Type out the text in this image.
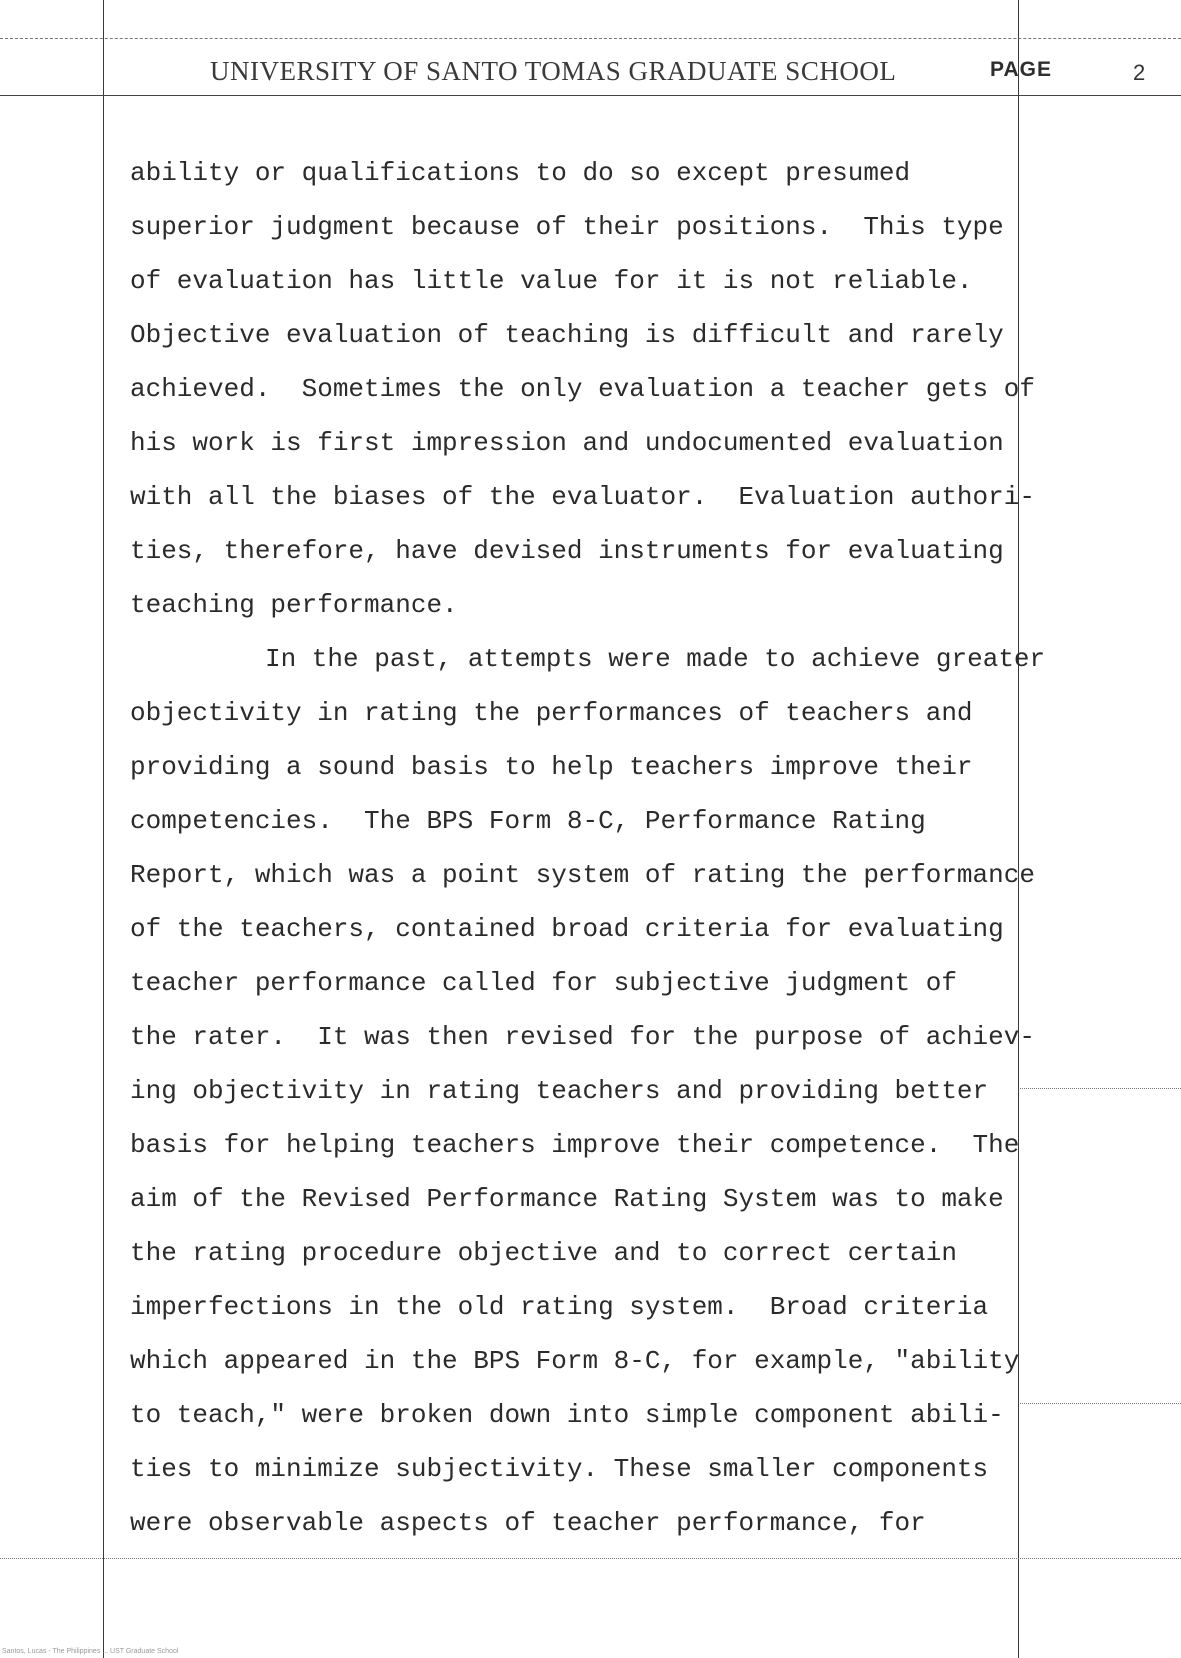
UNIVERSITY OF SANTO TOMAS GRADUATE SCHOOL	PAGE	2
ability or qualifications to do so except presumed
superior judgment because of their positions.  This type
of evaluation has little value for it is not reliable.
Objective evaluation of teaching is difficult and rarely
achieved.  Sometimes the only evaluation a teacher gets of
his work is first impression and undocumented evaluation
with all the biases of the evaluator.  Evaluation authori-
ties, therefore, have devised instruments for evaluating
teaching performance.
In the past, attempts were made to achieve greater
objectivity in rating the performances of teachers and
providing a sound basis to help teachers improve their
competencies.  The BPS Form 8-C, Performance Rating
Report, which was a point system of rating the performance
of the teachers, contained broad criteria for evaluating
teacher performance called for subjective judgment of
the rater.  It was then revised for the purpose of achiev-
ing objectivity in rating teachers and providing better
basis for helping teachers improve their competence.  The
aim of the Revised Performance Rating System was to make
the rating procedure objective and to correct certain
imperfections in the old rating system.  Broad criteria
which appeared in the BPS Form 8-C, for example, "ability
to teach," were broken down into simple component abili-
ties to minimize subjectivity. These smaller components
were observable aspects of teacher performance, for
Santos, Lucas - The Philippines ... UST Graduate School
